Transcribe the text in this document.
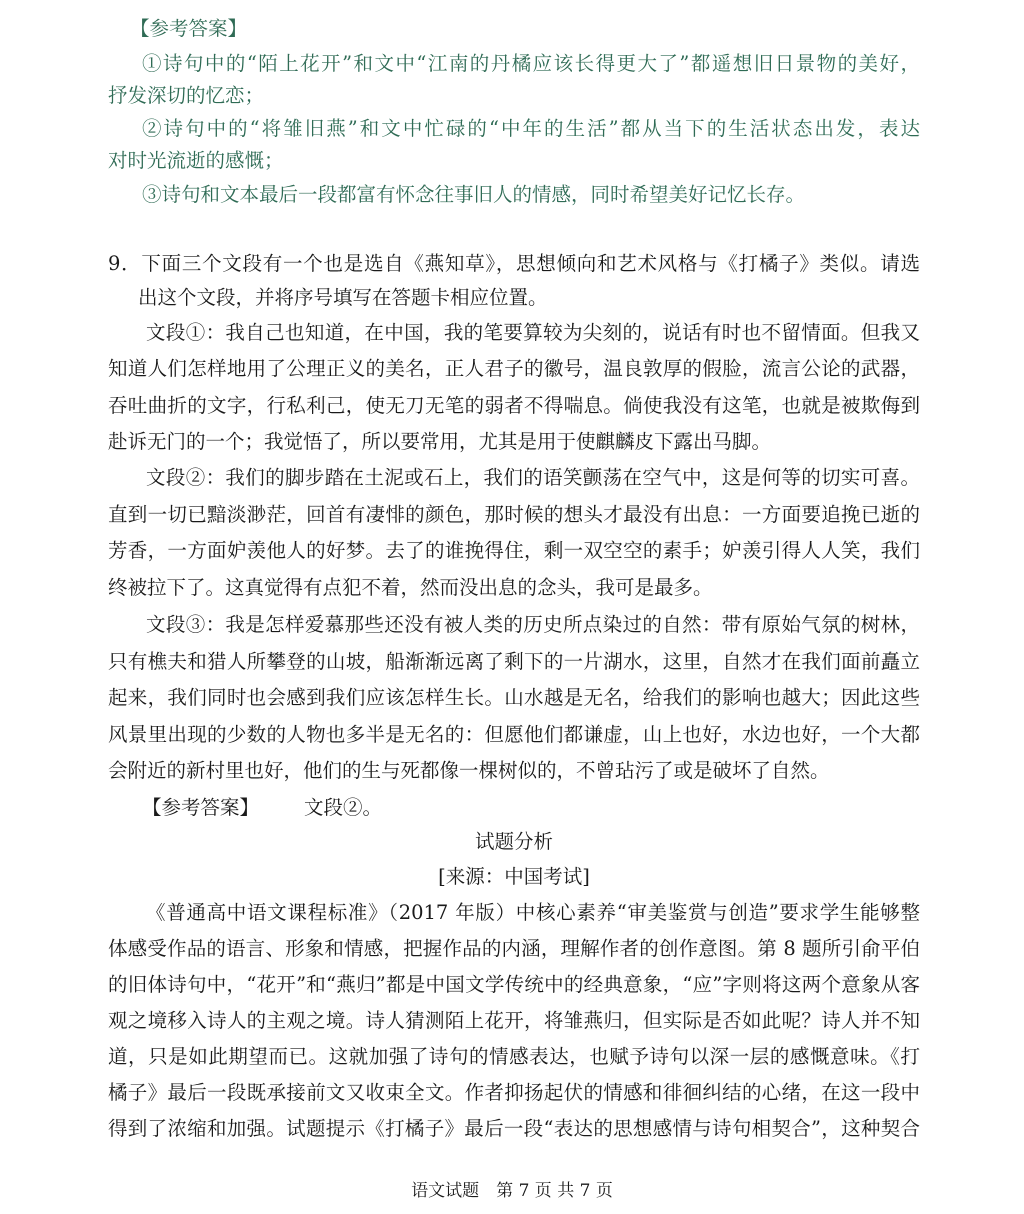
【参考答案】
①诗句中的“陌上花开”和文中“江南的丹橘应该长得更大了”都遥想旧日景物的美好，
抒发深切的忆恋；
②诗句中的“将雏旧燕”和文中忙碌的“中年的生活”都从当下的生活状态出发，表达
对时光流逝的感慨；
③诗句和文本最后一段都富有怀念往事旧人的情感，同时希望美好记忆长存。
9．下面三个文段有一个也是选自《燕知草》，思想倾向和艺术风格与《打橘子》类似。请选
出这个文段，并将序号填写在答题卡相应位置。
文段①：我自己也知道，在中国，我的笔要算较为尖刻的，说话有时也不留情面。但我又
知道人们怎样地用了公理正义的美名，正人君子的徽号，温良敦厚的假脸，流言公论的武器，
吞吐曲折的文字，行私利己，使无刀无笔的弱者不得喘息。倘使我没有这笔，也就是被欺侮到
赴诉无门的一个；我觉悟了，所以要常用，尤其是用于使麒麟皮下露出马脚。
文段②：我们的脚步踏在土泥或石上，我们的语笑颤荡在空气中，这是何等的切实可喜。
直到一切已黯淡渺茫，回首有凄悱的颜色，那时候的想头才最没有出息：一方面要追挽已逝的
芳香，一方面妒羡他人的好梦。去了的谁挽得住，剩一双空空的素手；妒羡引得人人笑，我们
终被拉下了。这真觉得有点犯不着，然而没出息的念头，我可是最多。
文段③：我是怎样爱慕那些还没有被人类的历史所点染过的自然：带有原始气氛的树林，
只有樵夫和猎人所攀登的山坡，船渐渐远离了剩下的一片湖水，这里，自然才在我们面前矗立
起来，我们同时也会感到我们应该怎样生长。山水越是无名，给我们的影响也越大；因此这些
风景里出现的少数的人物也多半是无名的：但愿他们都谦虚，山上也好，水边也好，一个大都
会附近的新村里也好，他们的生与死都像一棵树似的，不曾玷污了或是破坏了自然。
【参考答案】 文段②。
试题分析
[来源：中国考试]
《普通高中语文课程标准》（2017 年版）中核心素养“审美鉴赏与创造”要求学生能够整
体感受作品的语言、形象和情感，把握作品的内涵，理解作者的创作意图。第 8 题所引俞平伯
的旧体诗句中，“花开”和“燕归”都是中国文学传统中的经典意象，“应”字则将这两个意象从客
观之境移入诗人的主观之境。诗人猜测陌上花开，将雏燕归，但实际是否如此呢？诗人并不知
道，只是如此期望而已。这就加强了诗句的情感表达，也赋予诗句以深一层的感慨意味。《打
橘子》最后一段既承接前文又收束全文。作者抑扬起伏的情感和徘徊纠结的心绪，在这一段中
得到了浓缩和加强。试题提示《打橘子》最后一段“表达的思想感情与诗句相契合”，这种契合
语文试题　第 7 页 共 7 页
